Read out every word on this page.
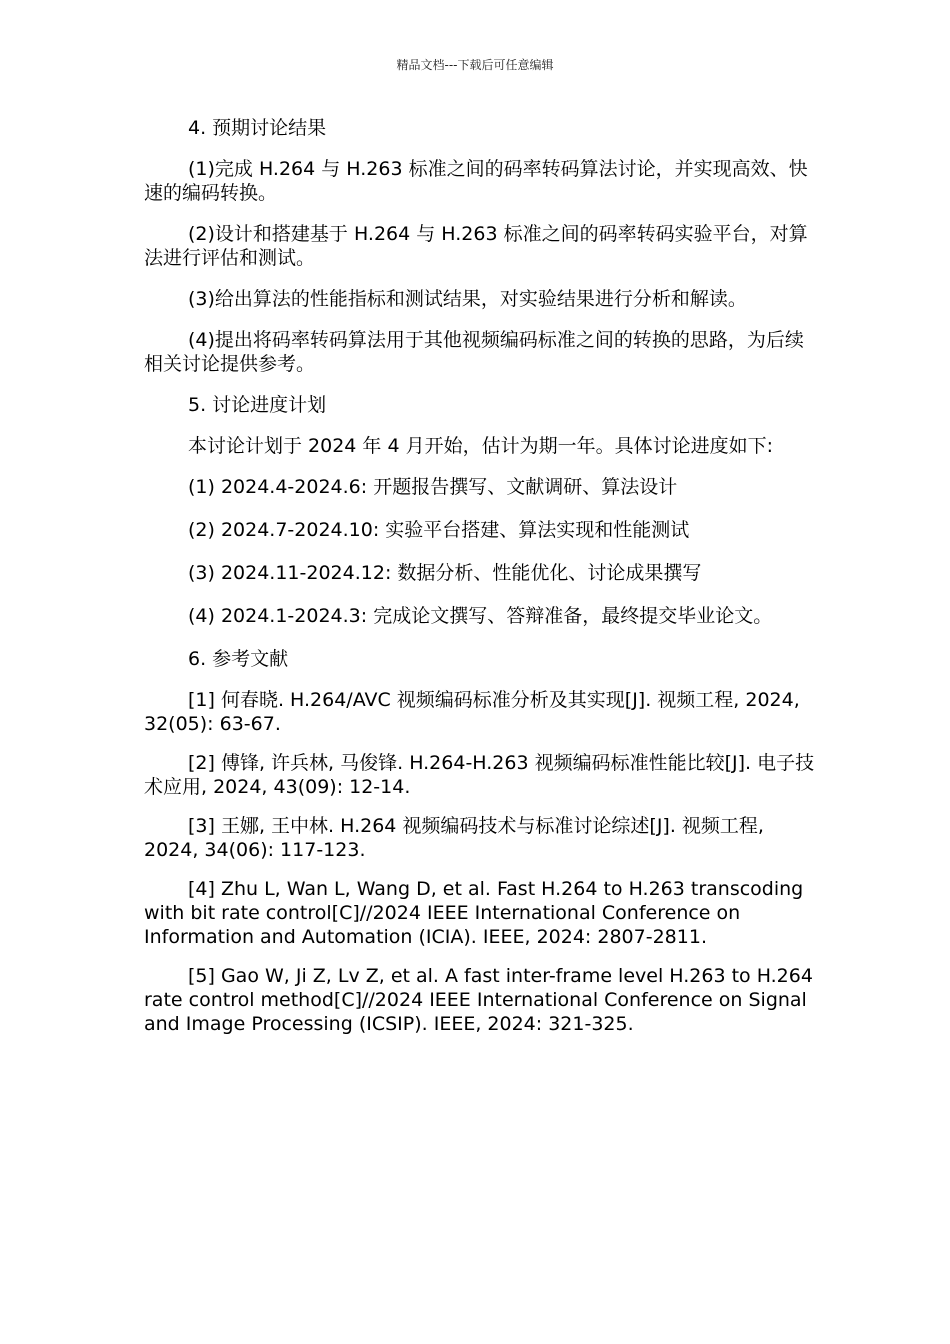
精品文档---下载后可任意编辑

4. 预期讨论结果

(1)完成 H.264 与 H.263 标准之间的码率转码算法讨论，并实现高效、快速的编码转换。

(2)设计和搭建基于 H.264 与 H.263 标准之间的码率转码实验平台，对算法进行评估和测试。

(3)给出算法的性能指标和测试结果，对实验结果进行分析和解读。

(4)提出将码率转码算法用于其他视频编码标准之间的转换的思路，为后续相关讨论提供参考。

5. 讨论进度计划

本讨论计划于 2024 年 4 月开始，估计为期一年。具体讨论进度如下:

(1) 2024.4-2024.6: 开题报告撰写、文献调研、算法设计

(2) 2024.7-2024.10: 实验平台搭建、算法实现和性能测试

(3) 2024.11-2024.12: 数据分析、性能优化、讨论成果撰写

(4) 2024.1-2024.3: 完成论文撰写、答辩准备，最终提交毕业论文。

6. 参考文献

[1] 何春晓. H.264/AVC 视频编码标准分析及其实现[J]. 视频工程, 2024, 32(05): 63-67.

[2] 傅锋, 许兵林, 马俊锋. H.264-H.263 视频编码标准性能比较[J]. 电子技术应用, 2024, 43(09): 12-14.

[3] 王娜, 王中林. H.264 视频编码技术与标准讨论综述[J]. 视频工程, 2024, 34(06): 117-123.

[4] Zhu L, Wan L, Wang D, et al. Fast H.264 to H.263 transcoding with bit rate control[C]//2024 IEEE International Conference on Information and Automation (ICIA). IEEE, 2024: 2807-2811.

[5] Gao W, Ji Z, Lv Z, et al. A fast inter-frame level H.263 to H.264 rate control method[C]//2024 IEEE International Conference on Signal and Image Processing (ICSIP). IEEE, 2024: 321-325.
